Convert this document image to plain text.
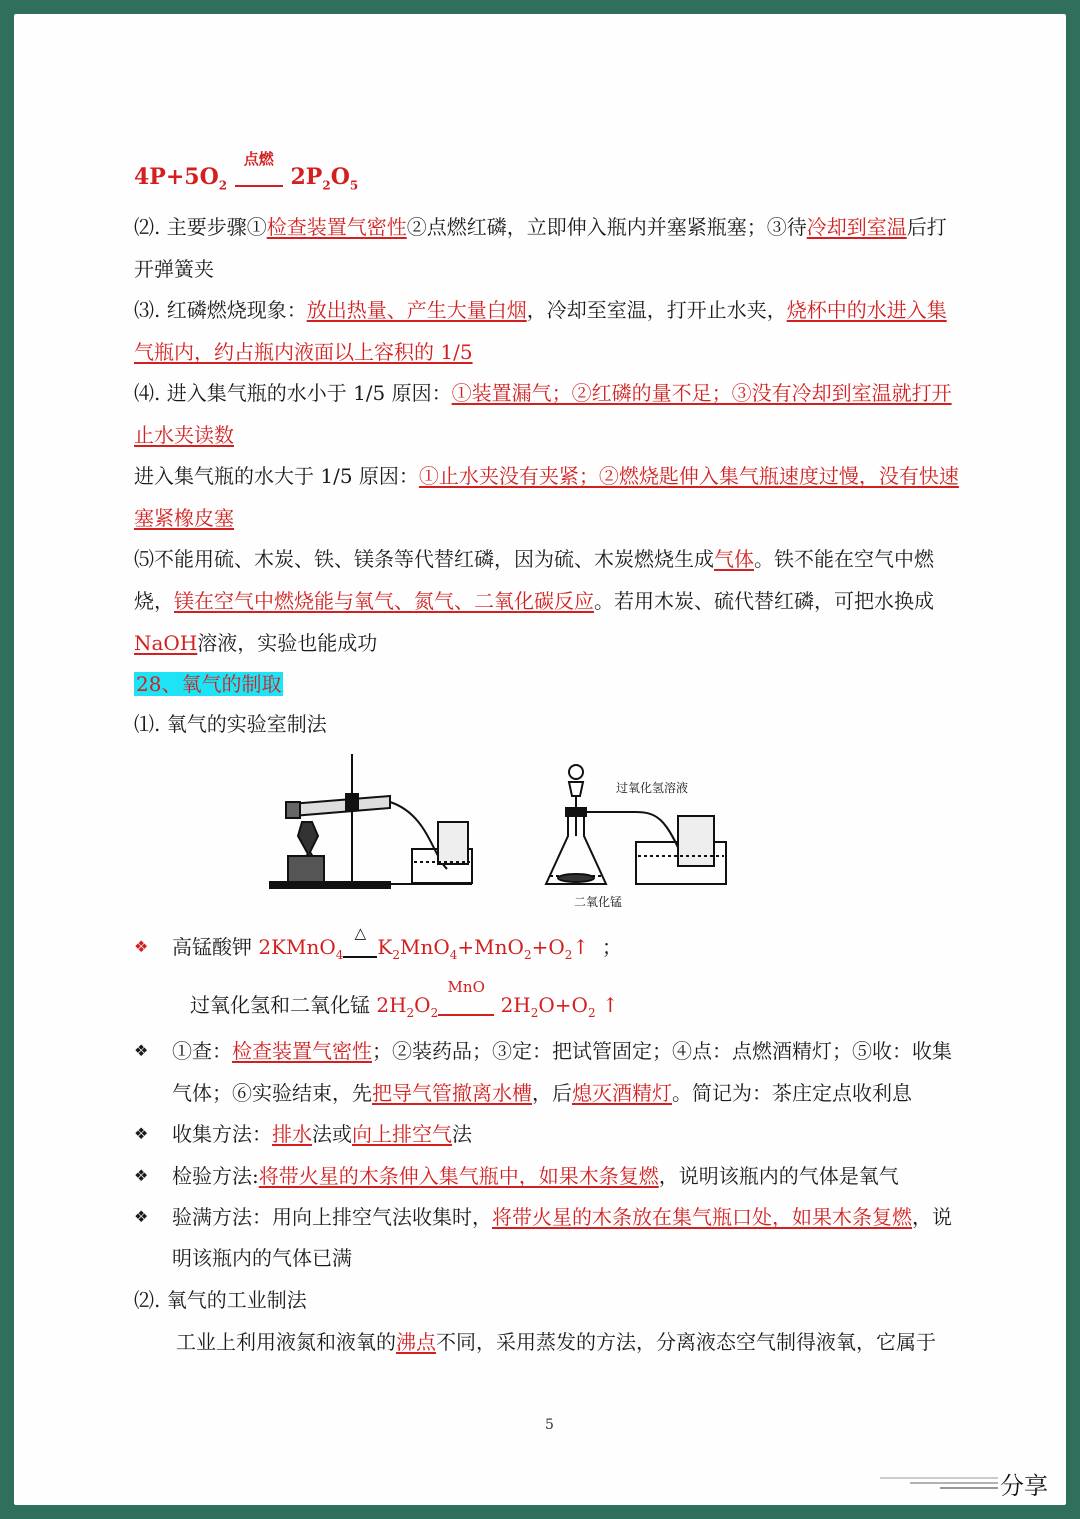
$4P+5O_2$
点燃
$2P_2O_5$
⑵. 主要步骤①检查装置气密性②点燃红磷，立即伸入瓶内并塞紧瓶塞；③待冷却到室温后打
开弹簧夹
⑶. 红磷燃烧现象：放出热量、产生大量白烟，冷却至室温，打开止水夹，烧杯中的水进入集
气瓶内，约占瓶内液面以上容积的 1/5
⑷. 进入集气瓶的水小于 1/5 原因：①装置漏气；②红磷的量不足；③没有冷却到室温就打开
止水夹读数
进入集气瓶的水大于 1/5 原因：①止水夹没有夹紧；②燃烧匙伸入集气瓶速度过慢，没有快速
塞紧橡皮塞
⑸不能用硫、木炭、铁、镁条等代替红磷，因为硫、木炭燃烧生成气体。铁不能在空气中燃
烧，镁在空气中燃烧能与氧气、氮气、二氧化碳反应。若用木炭、硫代替红磷，可把水换成
NaOH溶液，实验也能成功
28、氧气的制取
⑴. 氧气的实验室制法
过氧化氢溶液
二氧化锰
❖ 高锰酸钾 2KMnO$_4$
△
$K_2MnO_4+MnO_2+O_2↑$ ；
过氧化氢和二氧化锰 $2H_2O_2$
MnO
$2H_2O+O_2$ ↑
❖ ①查：检查装置气密性；②装药品；③定：把试管固定；④点：点燃酒精灯；⑤收：收集
气体；⑥实验结束，先把导气管撤离水槽，后熄灭酒精灯。简记为：茶庄定点收利息
❖ 收集方法：排水法或向上排空气法
❖ 检验方法:将带火星的木条伸入集气瓶中，如果木条复燃，说明该瓶内的气体是氧气
❖ 验满方法：用向上排空气法收集时，将带火星的木条放在集气瓶口处，如果木条复燃，说
明该瓶内的气体已满
⑵. 氧气的工业制法
工业上利用液氮和液氧的沸点不同，采用蒸发的方法，分离液态空气制得液氧，它属于
5
分享
